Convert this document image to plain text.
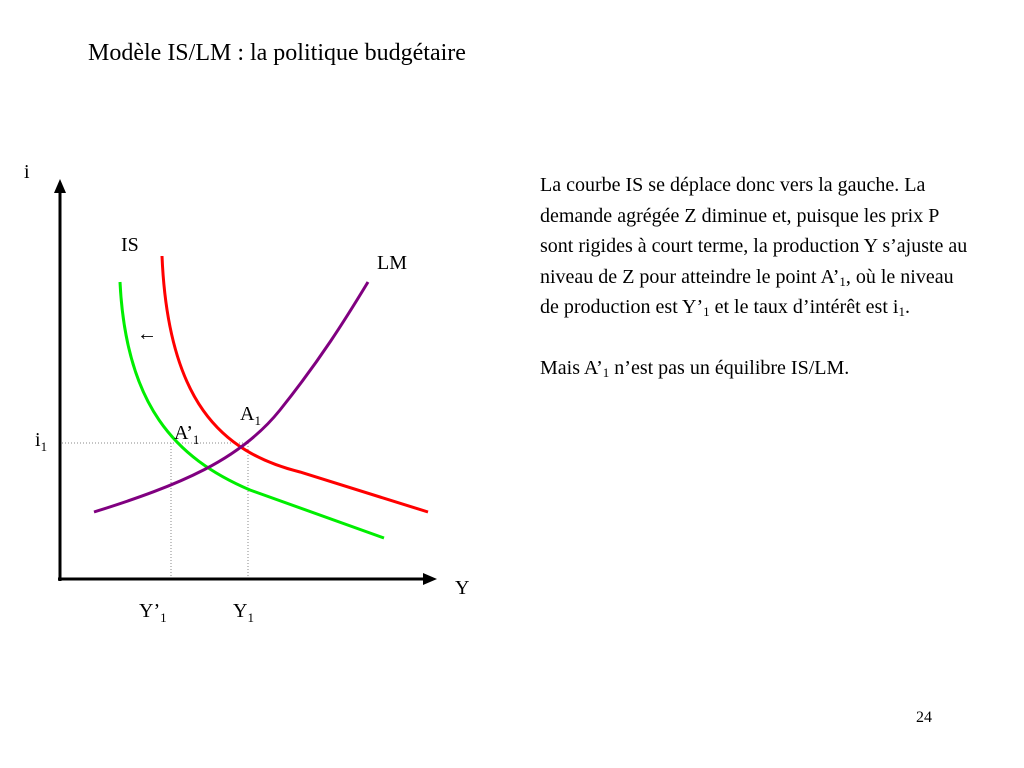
Modèle IS/LM : la politique budgétaire
i
Y
IS
LM
←
$A_1$
$A’_1$
$i_1$
$Y’_1$	$Y_1$

La courbe IS se déplace donc vers la gauche. La demande agrégée Z diminue et, puisque les prix P sont rigides à court terme, la production Y s’ajuste au niveau de Z pour atteindre le point $A’_1$, où le niveau de production est $Y’_1$ et le taux d’intérêt est $i_1$.

Mais $A’_1$ n’est pas un équilibre IS/LM.

24
